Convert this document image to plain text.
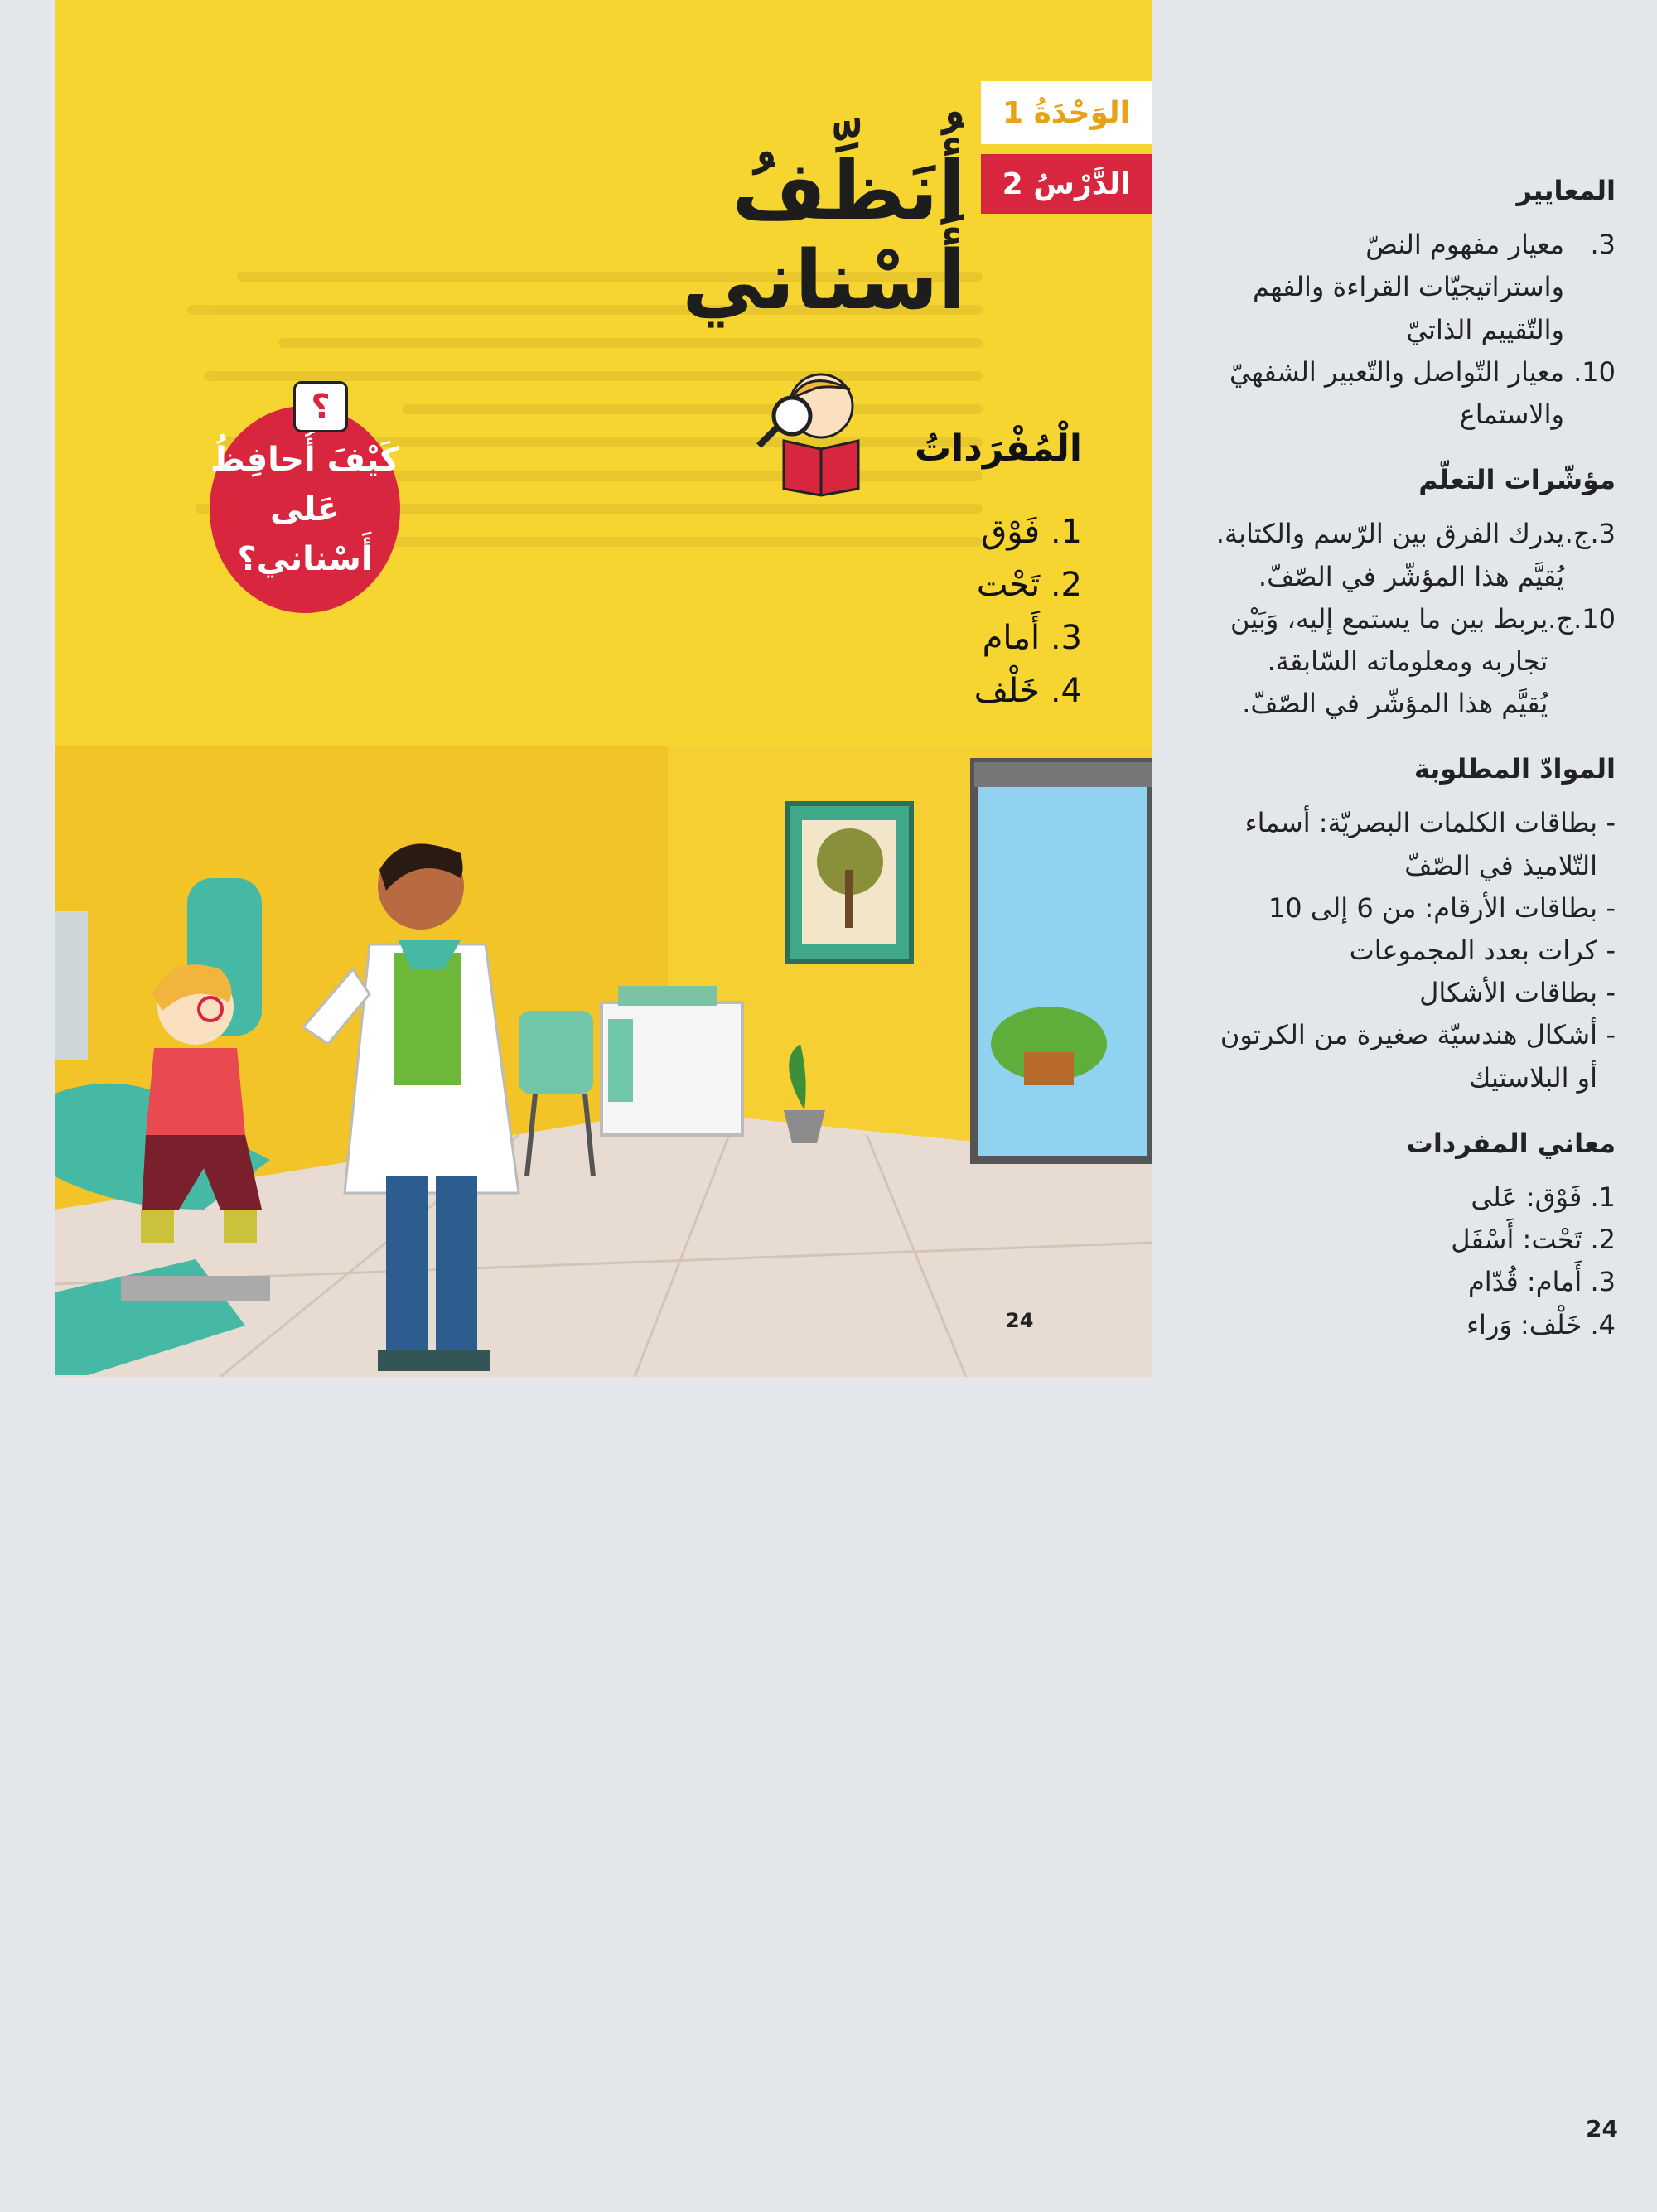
الوَحْدَةُ 1
الدَّرْسُ 2
أُنَظِّفُ أَسْناني
كَيْفَ أُحافِظُ
عَلى أَسْناني؟
؟
الْمُفْرَداتُ
1. فَوْق
2. تَحْت
3. أَمام
4. خَلْف
24
المعايير
3.

معيار مفهوم النصّ

واستراتيجيّات القراءة والفهم

والتّقييم الذاتيّ

10.

معيار التّواصل والتّعبير الشفهيّ

والاستماع

مؤشّرات التعلّم
3.ج.

يدرك الفرق بين الرّسم والكتابة.

يُقيَّم هذا المؤشّر في الصّفّ.

10.ج.

يربط بين ما يستمع إليه، وَبَيْن

تجاربه ومعلوماته السّابقة.

يُقيَّم هذا المؤشّر في الصّفّ.

الموادّ المطلوبة
-

بطاقات الكلمات البصريّة: أسماء

التّلاميذ في الصّفّ

-

بطاقات الأرقام: من 6 إلى 10

-

كرات بعدد المجموعات

-

بطاقات الأشكال

-

أشكال هندسيّة صغيرة من الكرتون

أو البلاستيك

معاني المفردات

1. فَوْق: عَلى

2. تَحْت: أَسْفَل

3. أَمام: قُدّام

4. خَلْف: وَراء

24
